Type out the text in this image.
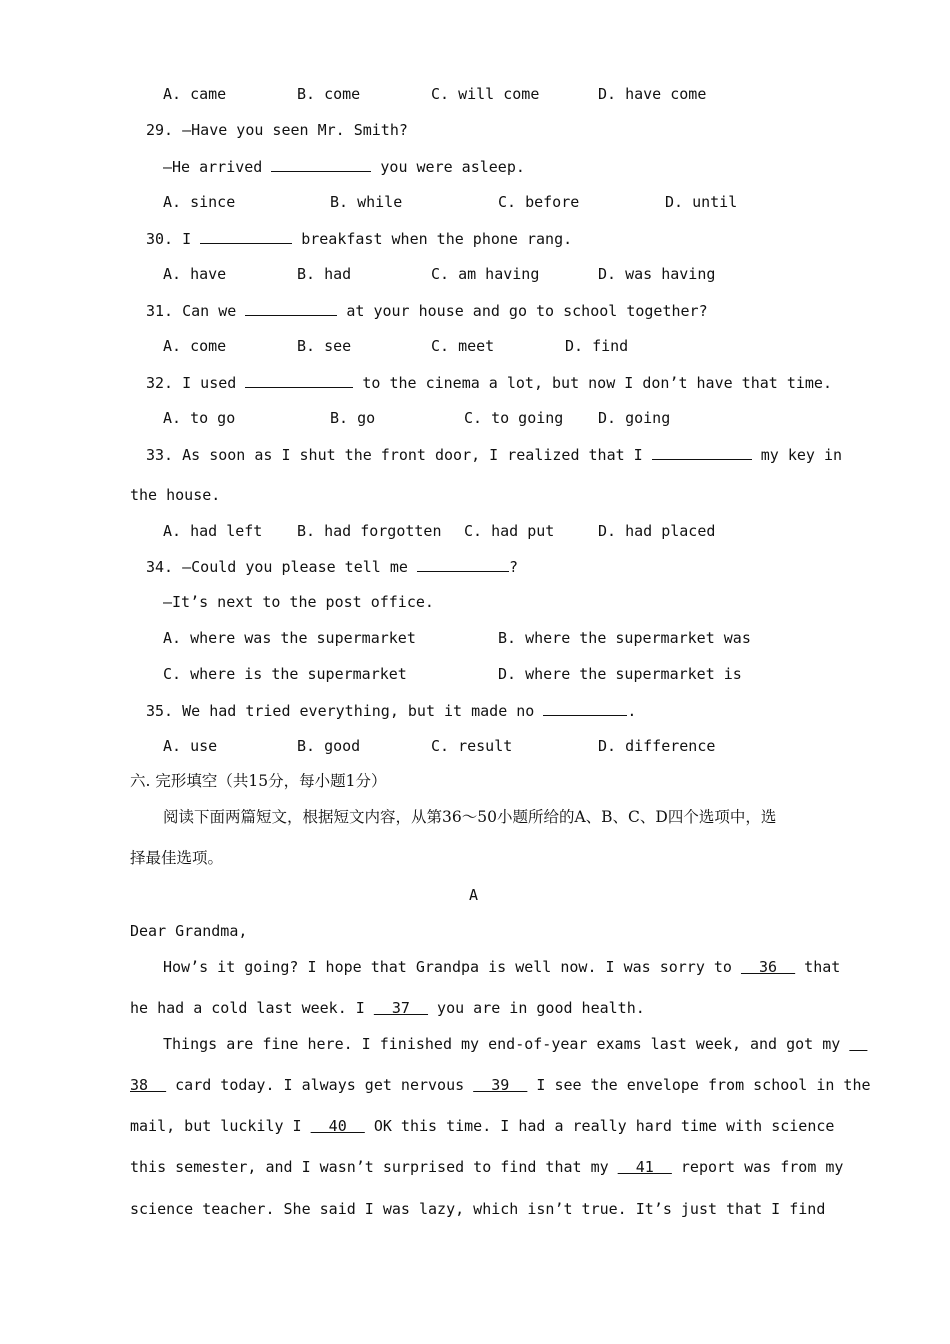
A. came	B. come	C. will come	D. have come
29. —Have you seen Mr. Smith?
—He arrived	you were asleep.
A. since	B. while	C. before	D. until
30. I	breakfast when the phone rang.
A. have	B. had	C. am having	D. was having
31. Can we	at your house and go to school together?
A. come	B. see	C. meet	D. find
32. I used	to the cinema a lot, but now I don’t have that time.
A. to go	B. go	C. to going D. going
33. As soon as I shut the front door, I realized that I	my key in
the house.
A. had left B. had forgotten C. had put	D. had placed
34. —Could you please tell me	?
—It’s next to the post office.
A. where was the supermarket	B. where the supermarket was
C. where is the supermarket	D. where the supermarket is
35. We had tried everything, but it made no	.
A. use	B. good	C. result	D. difference
六. 完形填空（共15分，每小题1分）
阅读下面两篇短文，根据短文内容，从第36～50小题所给的A、B、C、D四个选项中，选
择最佳选项。
A
Dear Grandma,
How’s it going? I hope that Grandpa is well now. I was sorry to   36   that
he had a cold last week. I   37   you are in good health.
Things are fine here. I finished my end-of-year exams last week, and got my
38   card today. I always get nervous   39   I see the envelope from school in the
mail, but luckily I   40   OK this time. I had a really hard time with science
this semester, and I wasn’t surprised to find that my   41   report was from my
science teacher. She said I was lazy, which isn’t true. It’s just that I find
